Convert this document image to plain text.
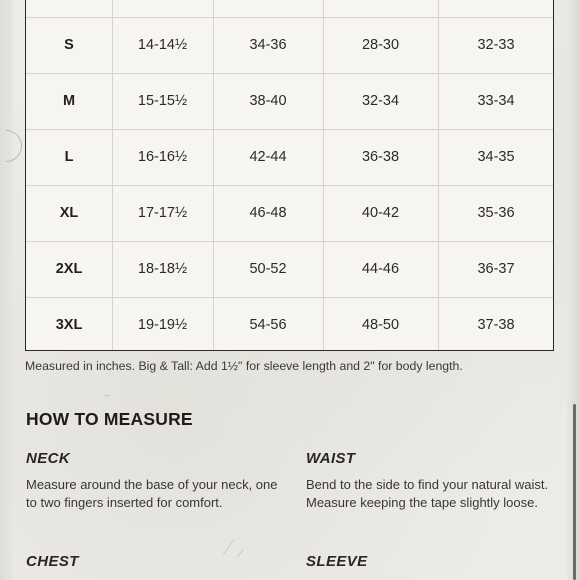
S	14-14½	34-36	28-30	32-33
M	15-15½	38-40	32-34	33-34
L	16-16½	42-44	36-38	34-35
XL	17-17½	46-48	40-42	35-36
2XL	18-18½	50-52	44-46	36-37
3XL	19-19½	54-56	48-50	37-38
Measured in inches. Big & Tall: Add 1½" for sleeve length and 2" for body length.
HOW TO MEASURE
NECK
Measure around the base of your neck, one to two fingers inserted for comfort.
WAIST
Bend to the side to find your natural waist. Measure keeping the tape slightly loose.
CHEST	SLEEVE
